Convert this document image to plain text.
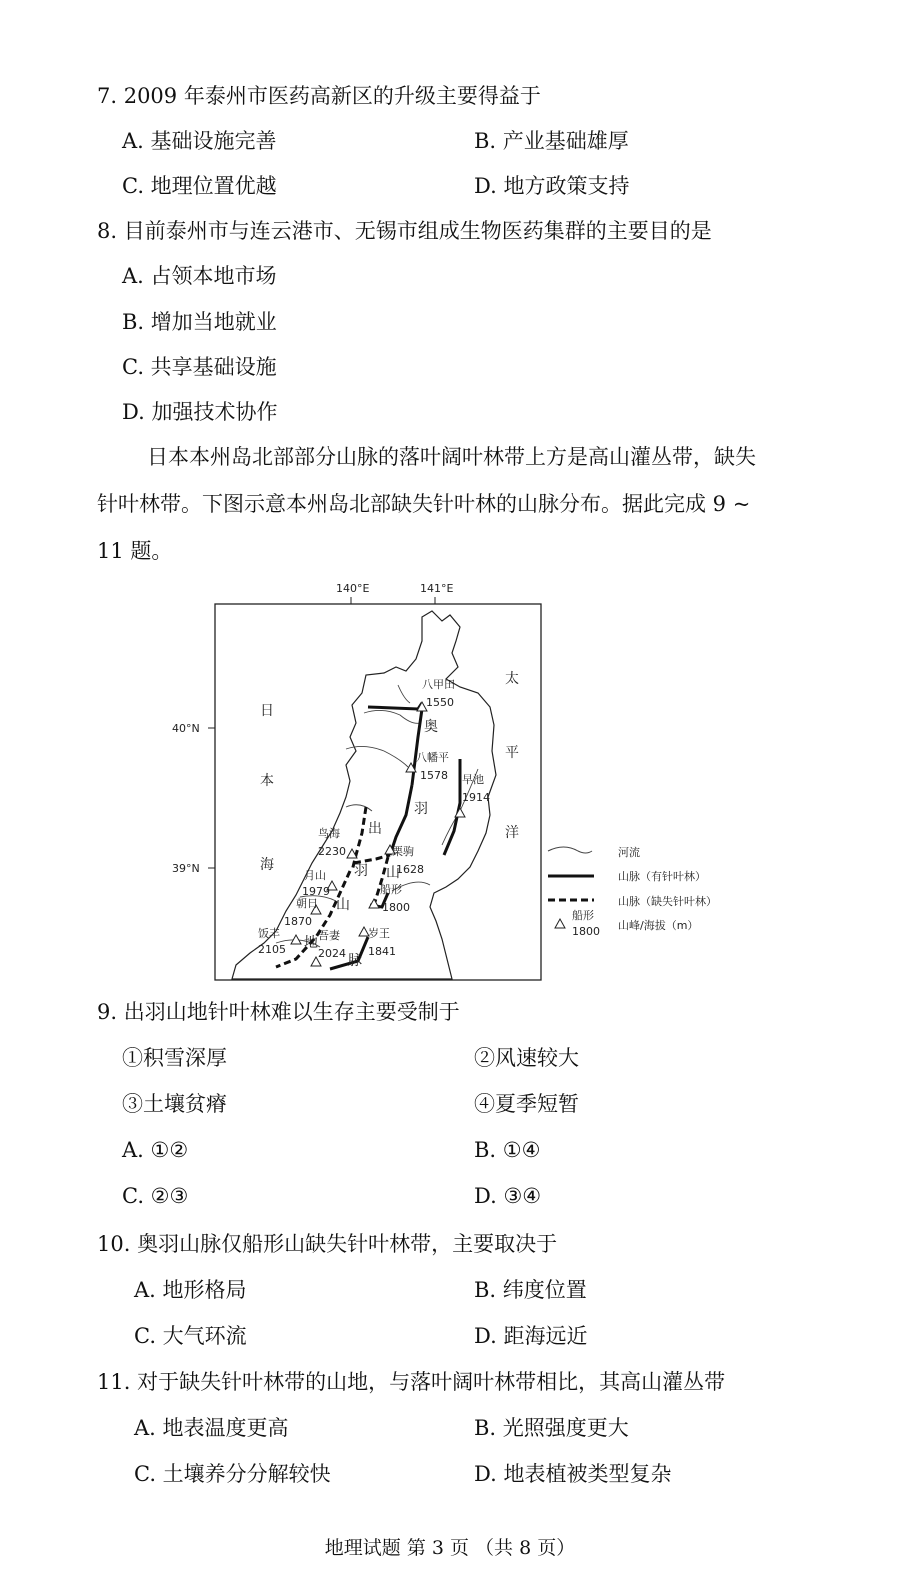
7. 2009 年泰州市医药高新区的升级主要得益于
A. 基础设施完善	B. 产业基础雄厚
C. 地理位置优越	D. 地方政策支持
8. 目前泰州市与连云港市、无锡市组成生物医药集群的主要目的是
A. 占领本地市场
B. 增加当地就业
C. 共享基础设施
D. 加强技术协作
日本本州岛北部部分山脉的落叶阔叶林带上方是高山灌丛带，缺失
针叶林带。下图示意本州岛北部缺失针叶林的山脉分布。据此完成 9 ~
11 题。
140°E	141°E
40°N
39°N
八甲田
1550
八幡平
1578 早池
1914
鸟海
2230	栗驹
1628
月山
1979	船形
1800
朝日
1870
饭丰
2105
吾妻
2024
岁王
1841
日
本
海
太
平
洋
奥
羽
山
脉
出
羽
山
地
河流
山脉（有针叶林）
山脉（缺失针叶林）
船形
1800 山峰/海拔（m）
9. 出羽山地针叶林难以生存主要受制于
①积雪深厚	②风速较大
③土壤贫瘠	④夏季短暂
A. ①②	B. ①④
C. ②③	D. ③④
10. 奥羽山脉仅船形山缺失针叶林带，主要取决于
A. 地形格局	B. 纬度位置
C. 大气环流	D. 距海远近
11. 对于缺失针叶林带的山地，与落叶阔叶林带相比，其高山灌丛带
A. 地表温度更高	B. 光照强度更大
C. 土壤养分分解较快	D. 地表植被类型复杂
地理试题 第 3 页 （共 8 页）
